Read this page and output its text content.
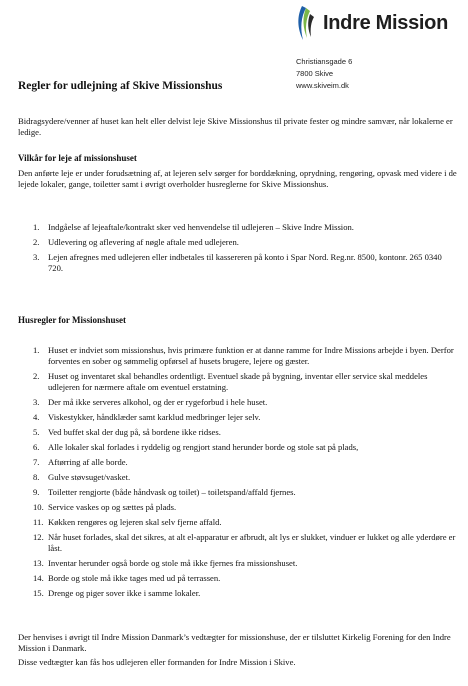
Indre Mission
Christiansgade 6
7800 Skive
www.skiveim.dk
Regler for udlejning af Skive Missionshus

Bidragsydere/venner af huset kan helt eller delvist leje Skive Missionshus til private fester og mindre samvær, når lokalerne er ledige.

Vilkår for leje af missionshuset

Den anførte leje er under forudsætning af, at lejeren selv sørger for borddækning, oprydning, rengøring, opvask med videre i de lejede lokaler, gange, toiletter samt i øvrigt overholder husreglerne for Skive Missionshus.

1. Indgåelse af lejeaftale/kontrakt sker ved henvendelse til udlejeren – Skive Indre Mission.
2. Udlevering og aflevering af nøgle aftale med udlejeren.
3. Lejen afregnes med udlejeren eller indbetales til kassereren på konto i Spar Nord. Reg.nr. 8500, kontonr. 265 0340 720.
Husregler for Missionshuset
1. Huset er indviet som missionshus, hvis primære funktion er at danne ramme for Indre Missions arbejde i byen. Derfor forventes en sober og sømmelig opførsel af husets brugere, lejere og gæster.
2. Huset og inventaret skal behandles ordentligt. Eventuel skade på bygning, inventar eller service skal meddeles udlejeren for nærmere aftale om eventuel erstatning.
3. Der må ikke serveres alkohol, og der er rygeforbud i hele huset.
4. Viskestykker, håndklæder samt karklud medbringer lejer selv.
5. Ved buffet skal der dug på, så bordene ikke ridses.
6. Alle lokaler skal forlades i ryddelig og rengjort stand herunder borde og stole sat på plads,
7. Aftørring af alle borde.
8. Gulve støvsuget/vasket.
9. Toiletter rengjorte (både håndvask og toilet) – toiletspand/affald fjernes.
10. Service vaskes op og sættes på plads.
11. Køkken rengøres og lejeren skal selv fjerne affald.
12. Når huset forlades, skal det sikres, at alt el-apparatur er afbrudt, alt lys er slukket, vinduer er lukket og alle yderdøre er låst.
13. Inventar herunder også borde og stole må ikke fjernes fra missionshuset.
14. Borde og stole må ikke tages med ud på terrassen.
15. Drenge og piger sover ikke i samme lokaler.

Der henvises i øvrigt til Indre Mission Danmark’s vedtægter for missionshuse, der er tilsluttet Kirkelig Forening for den Indre Mission i Danmark.

Disse vedtægter kan fås hos udlejeren eller formanden for Indre Mission i Skive.
